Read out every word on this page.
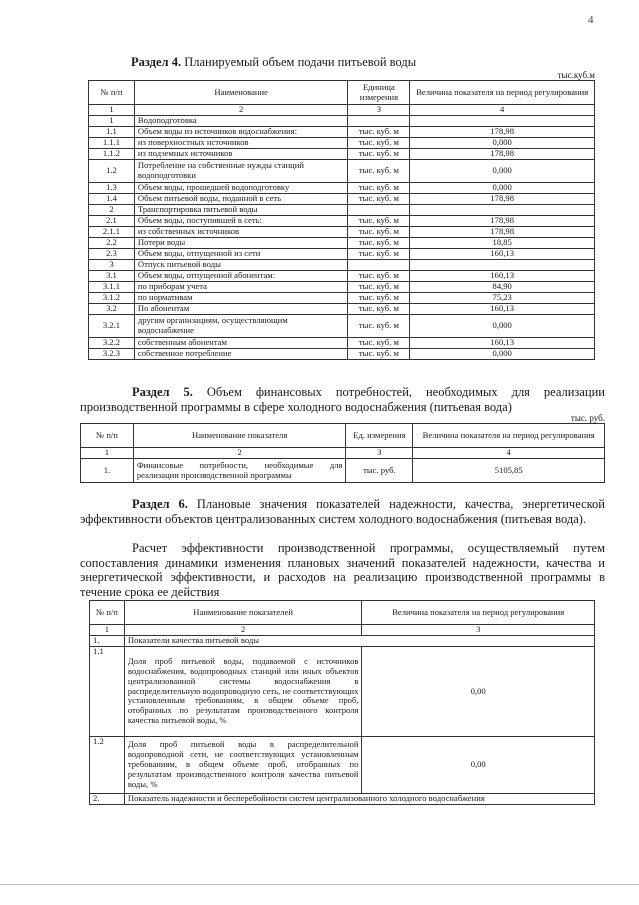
4
Раздел 4. Планируемый объем подачи питьевой воды
тыс.куб.м
№ п/п	Наименование	Единица измерения	Величина показателя на период регулирования
1	2	3	4
1	Водоподготовка		
1.1	Объем воды из источников водоснабжения:	тыс. куб. м	178,98
1.1.1	из поверхностных источников	тыс. куб. м	0,000
1.1.2	из подземных источников	тыс. куб. м	178,98
1.2	Потребление на собственные нужды станций водоподготовки	тыс. куб. м	0,000
1.3	Объем воды, прошедшей водоподготовку	тыс. куб. м	0,000
1.4	Объем питьевой воды, поданной в сеть	тыс. куб. м	178,98
2	Транспортировка питьевой воды		
2.1	Объем воды, поступившей в сеть:	тыс. куб. м	178,98
2.1.1	из собственных источников	тыс. куб. м	178,98
2.2	Потери воды	тыс. куб. м	18,85
2.3	Объем воды, отпущенной из сети	тыс. куб. м	160,13
3	Отпуск питьевой воды		
3.1	Объем воды, отпущенной абонентам:	тыс. куб. м	160,13
3.1.1	по приборам учета	тыс. куб. м	84,90
3.1.2	по нормативам	тыс. куб. м	75,23
3.2	По абонентам	тыс. куб. м	160,13
3.2.1	другим организациям, осуществляющим водоснабжение	тыс. куб. м	0,000
3.2.2	собственным абонентам	тыс. куб. м	160,13
3.2.3	собственное потребление	тыс. куб. м	0,000
Раздел 5. Объем финансовых потребностей, необходимых для реализации производственной программы в сфере холодного водоснабжения (питьевая вода)
тыс. руб.
№ п/п	Наименование показателя	Ед. измерения	Величина показателя на период регулирования
1	2	3	4
1.	Финансовые потребности, необходимые для реализации производственной программы	тыс. руб.	5105,85
Раздел 6. Плановые значения показателей надежности, качества, энергетической эффективности объектов централизованных систем холодного водоснабжения (питьевая вода).
Расчет эффективности производственной программы, осуществляемый путем сопоставления динамики изменения плановых значений показателей надежности, качества и энергетической эффективности, и расходов на реализацию производственной программы в течение срока ее действия
№ п/п	Наименование показателей	Величина показателя на период регулирования
1	2	3
1.	Показатели качества питьевой воды	
1.1	Доля проб питьевой воды, подаваемой с источников водоснабжения, водопроводных станций или иных объектов централизованной системы водоснабжения в распределительную водопроводную сеть, не соответствующих установленным требованиям, в общем объеме проб, отобранных по результатам производственного контроля качества питьевой воды, %	0,00
1.2	Доля проб питьевой воды в распределительной водопроводной сети, не соответствующих установленным требованиям, в общем объеме проб, отобранных по результатам производственного контроля качества питьевой воды, %	0,00
2.	Показатель надежности и бесперебойности систем централизованного холодного водоснабжения	
